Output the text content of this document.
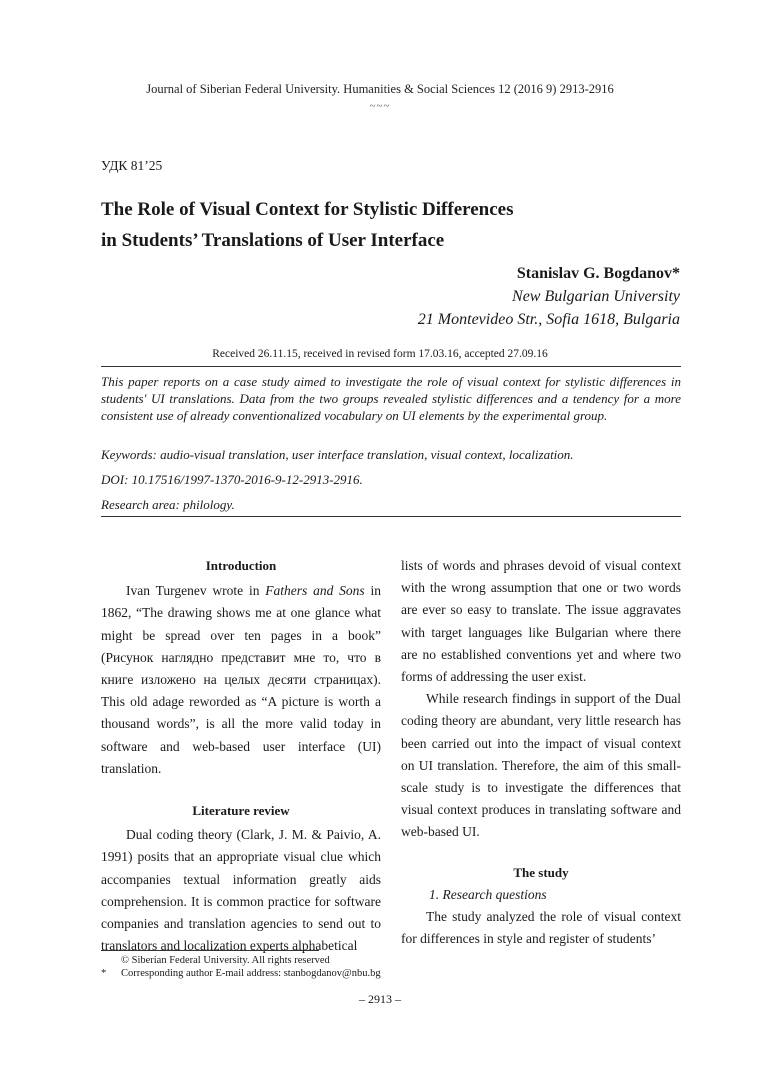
Journal of Siberian Federal University. Humanities & Social Sciences 12 (2016 9) 2913-2916
~~~
УДК 81’25
The Role of Visual Context for Stylistic Differences
in Students’ Translations of User Interface
Stanislav G. Bogdanov*
New Bulgarian University
21 Montevideo Str., Sofia 1618, Bulgaria
Received 26.11.15, received in revised form 17.03.16, accepted 27.09.16

This paper reports on a case study aimed to investigate the role of visual context for stylistic differences in students' UI translations. Data from the two groups revealed stylistic differences and a tendency for a more consistent use of already conventionalized vocabulary on UI elements by the experimental group.

Keywords: audio-visual translation, user interface translation, visual context, localization.
DOI: 10.17516/1997-1370-2016-9-12-2913-2916.
Research area: philology.

Introduction

Ivan Turgenev wrote in Fathers and Sons in 1862, “The drawing shows me at one glance what might be spread over ten pages in a book” (Рисунок наглядно представит мне то, что в книге изложено на целых десяти страницах). This old adage reworded as “A picture is worth a thousand words”, is all the more valid today in software and web-based user interface (UI) translation.

Literature review

Dual coding theory (Clark, J. M. & Paivio, A. 1991) posits that an appropriate visual clue which accompanies textual information greatly aids comprehension. It is common practice for software companies and translation agencies to send out to translators and localization experts alphabetical

lists of words and phrases devoid of visual context with the wrong assumption that one or two words are ever so easy to translate. The issue aggravates with target languages like Bulgarian where there are no established conventions yet and where two forms of addressing the user exist.

While research findings in support of the Dual coding theory are abundant, very little research has been carried out into the impact of visual context on UI translation. Therefore, the aim of this small-scale study is to investigate the differences that visual context produces in translating software and web-based UI.

The study

1. Research questions

The study analyzed the role of visual context for differences in style and register of students’

© Siberian Federal University. All rights reserved
* Corresponding author E-mail address: stanbogdanov@nbu.bg
– 2913 –
